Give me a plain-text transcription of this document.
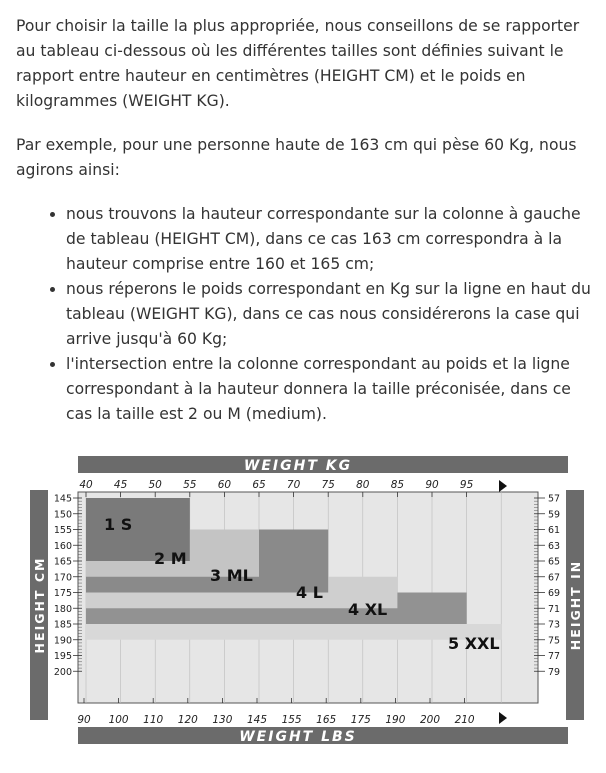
Pour choisir la taille la plus appropriée, nous conseillons de se rapporter au tableau ci-dessous où les différentes tailles sont définies suivant le rapport entre hauteur en centimètres (HEIGHT CM) et le poids en kilogrammes (WEIGHT KG).

Par exemple, pour une personne haute de 163 cm qui pèse 60 Kg, nous agirons ainsi:

• nous trouvons la hauteur correspondante sur la colonne à gauche de tableau (HEIGHT CM), dans ce cas 163 cm correspondra à la hauteur comprise entre 160 et 165 cm;
• nous réperons le poids correspondant en Kg sur la ligne en haut du tableau (WEIGHT KG), dans ce cas nous considérerons la case qui arrive jusqu'à 60 Kg;
• l'intersection entre la colonne correspondant au poids et la ligne correspondant à la hauteur donnera la taille préconisée, dans ce cas la taille est 2 ou M (medium).
WEIGHT KG
WEIGHT LBS
HEIGHT CM	HEIGHT IN
1 S
2 M
3 ML
4 L
4 XL
5 XXL
40 45 50 55 60 65 70 75 80 85 90 95
90 100 110 120 130 145 155 165 175 190 200 210
145
150
155
160
165
170
175
180
185
190
195
200
57
59
61
63
65
67
69
71
73
75
77
79
